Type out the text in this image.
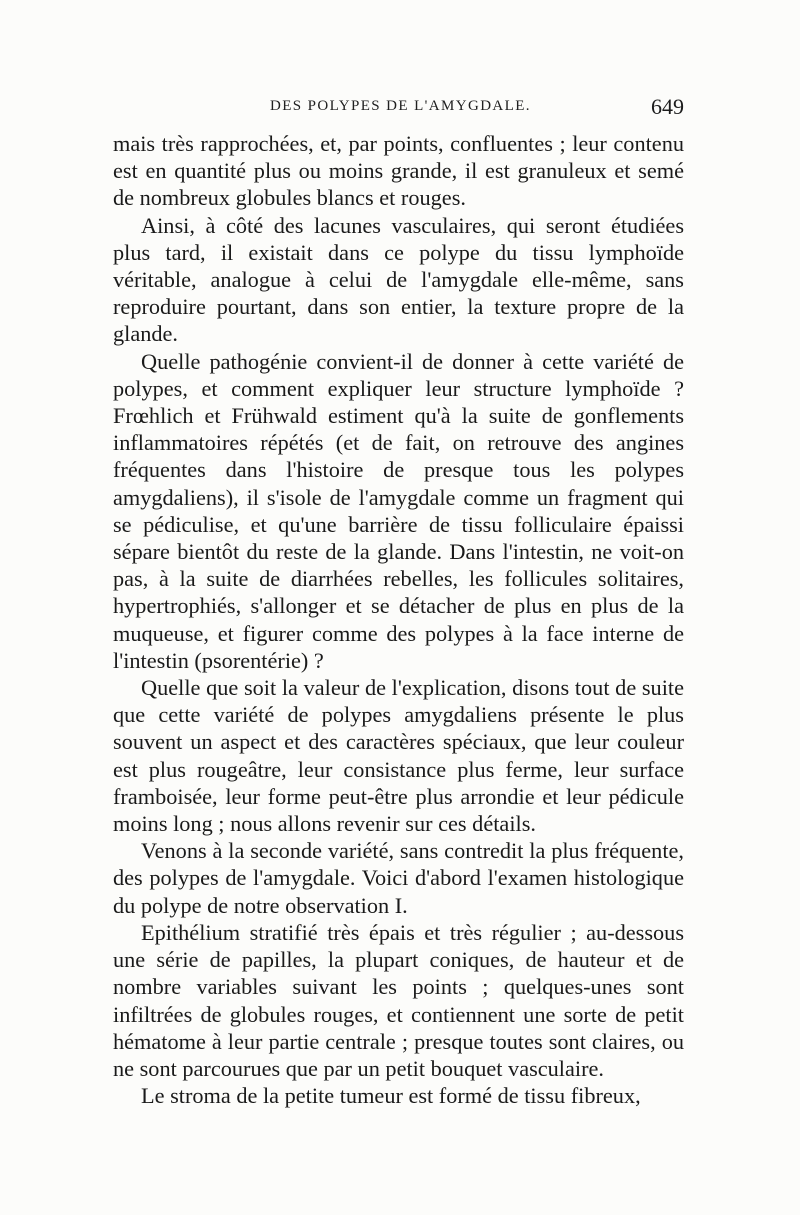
DES POLYPES DE L'AMYGDALE.	649

mais très rapprochées, et, par points, confluentes ; leur contenu est en quantité plus ou moins grande, il est granuleux et semé de nombreux globules blancs et rouges.

Ainsi, à côté des lacunes vasculaires, qui seront étudiées plus tard, il existait dans ce polype du tissu lymphoïde véritable, analogue à celui de l'amygdale elle-même, sans reproduire pourtant, dans son entier, la texture propre de la glande.

Quelle pathogénie convient-il de donner à cette variété de polypes, et comment expliquer leur structure lymphoïde ? Frœhlich et Frühwald estiment qu'à la suite de gonflements inflammatoires répétés (et de fait, on retrouve des angines fréquentes dans l'histoire de presque tous les polypes amygdaliens), il s'isole de l'amygdale comme un fragment qui se pédiculise, et qu'une barrière de tissu folliculaire épaissi sépare bientôt du reste de la glande. Dans l'intestin, ne voit-on pas, à la suite de diarrhées rebelles, les follicules solitaires, hypertrophiés, s'allonger et se détacher de plus en plus de la muqueuse, et figurer comme des polypes à la face interne de l'intestin (psorentérie) ?

Quelle que soit la valeur de l'explication, disons tout de suite que cette variété de polypes amygdaliens présente le plus souvent un aspect et des caractères spéciaux, que leur couleur est plus rougeâtre, leur consistance plus ferme, leur surface framboisée, leur forme peut-être plus arrondie et leur pédicule moins long ; nous allons revenir sur ces détails.

Venons à la seconde variété, sans contredit la plus fréquente, des polypes de l'amygdale. Voici d'abord l'examen histologique du polype de notre observation I.

Epithélium stratifié très épais et très régulier ; au-dessous une série de papilles, la plupart coniques, de hauteur et de nombre variables suivant les points ; quelques-unes sont infiltrées de globules rouges, et contiennent une sorte de petit hématome à leur partie centrale ; presque toutes sont claires, ou ne sont parcourues que par un petit bouquet vasculaire.

Le stroma de la petite tumeur est formé de tissu fibreux,
